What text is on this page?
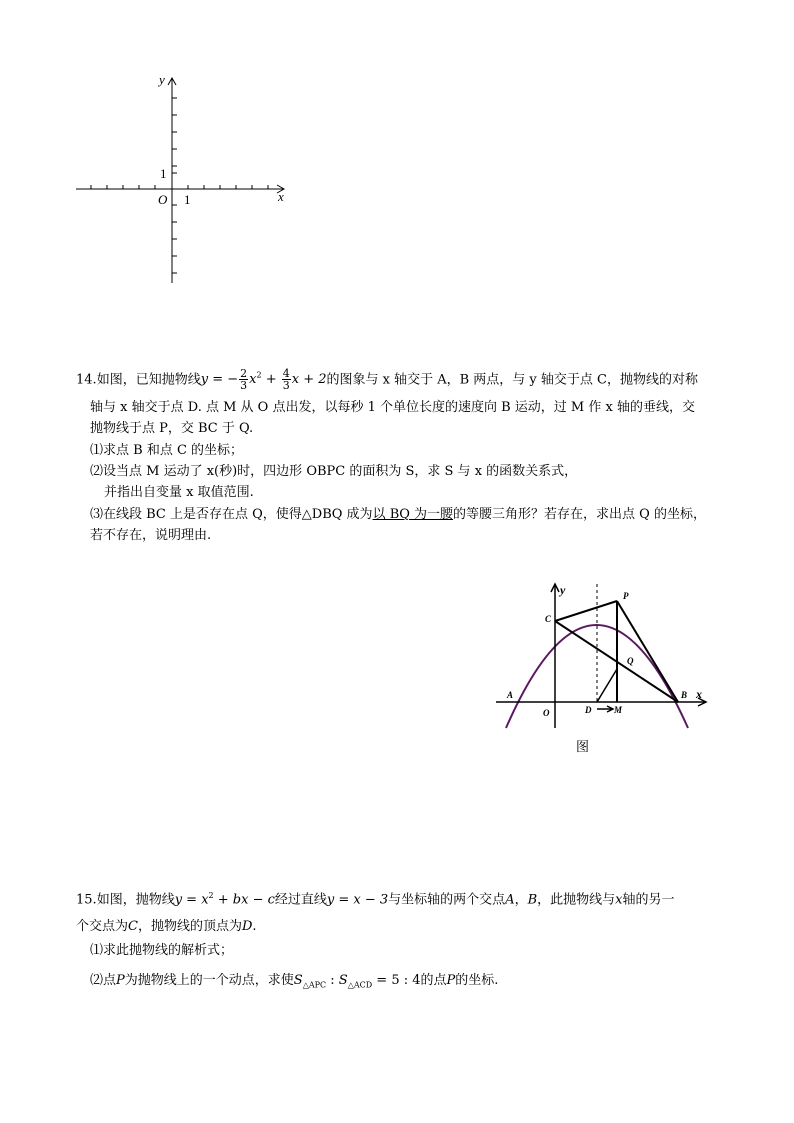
y
x
O
1
1
14.如图，已知抛物线y = − $\frac{2}{3} x^2 + \frac{4}{3}$ x + 2的图象与 x 轴交于 A，B 两点，与 y 轴交于点 C，抛物线的对称
轴与 x 轴交于点 D. 点 M 从 O 点出发，以每秒 1 个单位长度的速度向 B 运动，过 M 作 x 轴的垂线，交
抛物线于点 P，交 BC 于 Q.
⑴求点 B 和点 C 的坐标；
⑵设当点 M 运动了 x(秒)时，四边形 OBPC 的面积为 S，求 S 与 x 的函数关系式，
并指出自变量 x 取值范围.
⑶在线段 BC 上是否存在点 Q，使得△DBQ 成为以 BQ 为一腰的等腰三角形？若存在，求出点 Q 的坐标，
若不存在，说明理由.
y
x
P
C
Q
A	B
O	D	M
图
15.如图，抛物线$y = x^2$ + bx − c经过直线y = x − 3与坐标轴的两个交点A，B，此抛物线与x轴的另一
个交点为C，抛物线的顶点为D.
⑴求此抛物线的解析式；
⑵点P为抛物线上的一个动点，求使$S_{\triangle APC}$ : $S_{\triangle ACD} = 5$ : 4的点P的坐标.
